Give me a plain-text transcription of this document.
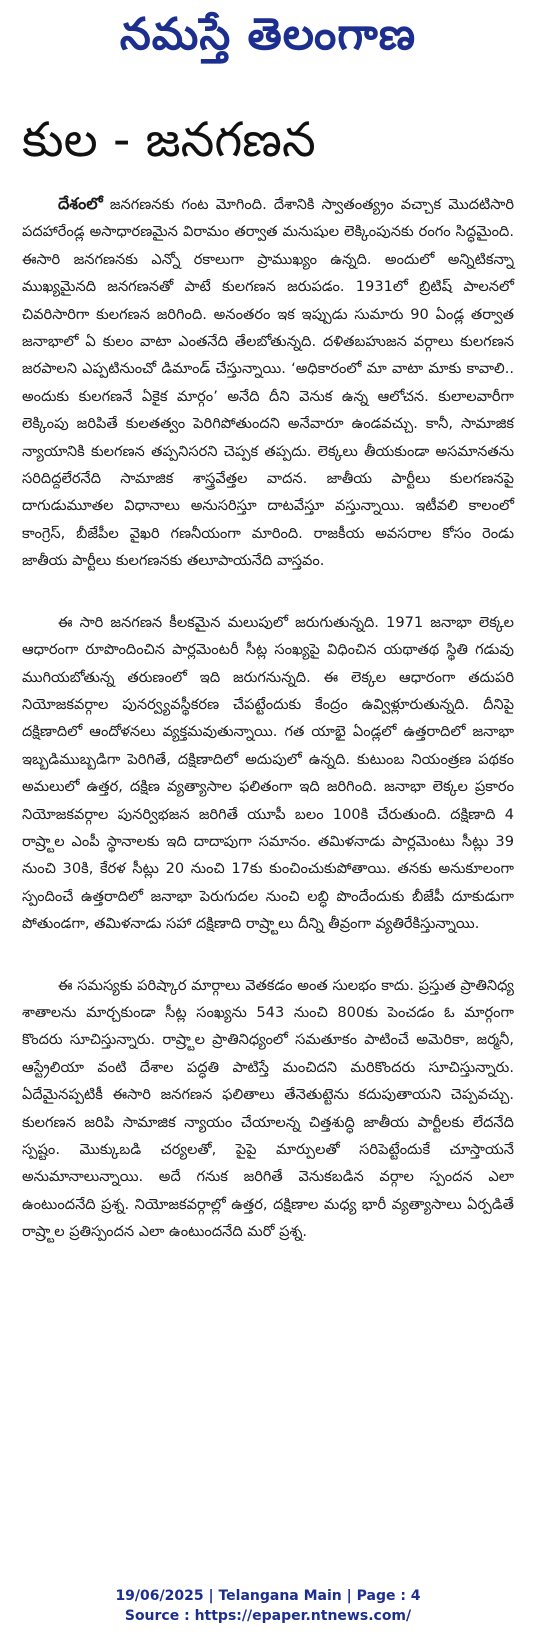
నమస్తే తెలంగాణ
కుల - జనగణన

దేశంలో జనగణనకు గంట మోగింది. దేశానికి స్వాతంత్య్రం వచ్చాక మొదటిసారి పదహారేండ్ల అసాధారణమైన విరామం తర్వాత మనుషుల లెక్కింపునకు రంగం సిద్ధమైంది. ఈసారి జనగణనకు ఎన్నో రకాలుగా ప్రాముఖ్యం ఉన్నది. అందులో అన్నిటికన్నా ముఖ్యమైనది జనగణనతో పాటే కులగణన జరుపడం. 1931లో బ్రిటిష్ పాలనలో చివరిసారిగా కులగణన జరిగింది. అనంతరం ఇక ఇప్పుడు సుమారు 90 ఏండ్ల తర్వాత జనాభాలో ఏ కులం వాటా ఎంతనేది తేలబోతున్నది. దళితబహుజన వర్గాలు కులగణన జరపాలని ఎప్పటినుంచో డిమాండ్ చేస్తున్నాయి. ‘అధికారంలో మా వాటా మాకు కావాలి.. అందుకు కులగణనే ఏకైక మార్గం’ అనేది దీని వెనుక ఉన్న ఆలోచన. కులాలవారీగా లెక్కింపు జరిపితే కులతత్వం పెరిగిపోతుందని అనేవారూ ఉండవచ్చు. కానీ, సామాజిక న్యాయానికి కులగణన తప్పనిసరని చెప్పక తప్పదు. లెక్కలు తీయకుండా అసమానతను సరిదిద్దలేరనేది సామాజిక శాస్త్రవేత్తల వాదన. జాతీయ పార్టీలు కులగణనపై దాగుడుమూతల విధానాలు అనుసరిస్తూ దాటవేస్తూ వస్తున్నాయి. ఇటీవలి కాలంలో కాంగ్రెస్, బీజేపీల వైఖరి గణనీయంగా మారింది. రాజకీయ అవసరాల కోసం రెండు జాతీయ పార్టీలు కులగణనకు తలూపాయనేది వాస్తవం.

ఈ సారి జనగణన కీలకమైన మలుపులో జరుగుతున్నది. 1971 జనాభా లెక్కల ఆధారంగా రూపొందించిన పార్లమెంటరీ సీట్ల సంఖ్యపై విధించిన యథాతథ స్థితి గడువు ముగియబోతున్న తరుణంలో ఇది జరుగనున్నది. ఈ లెక్కల ఆధారంగా తదుపరి నియోజకవర్గాల పునర్వ్యవస్థీకరణ చేపట్టేందుకు కేంద్రం ఉవ్విళ్లూరుతున్నది. దీనిపై దక్షిణాదిలో ఆందోళనలు వ్యక్తమవుతున్నాయి. గత యాభై ఏండ్లలో ఉత్తరాదిలో జనాభా ఇబ్బడిముబ్బడిగా పెరిగితే, దక్షిణాదిలో అదుపులో ఉన్నది. కుటుంబ నియంత్రణ పథకం అమలులో ఉత్తర, దక్షిణ వ్యత్యాసాల ఫలితంగా ఇది జరిగింది. జనాభా లెక్కల ప్రకారం నియోజకవర్గాల పునర్విభజన జరిగితే యూపీ బలం 100కి చేరుతుంది. దక్షిణాది 4 రాష్ర్టాల ఎంపీ స్థానాలకు ఇది దాదాపుగా సమానం. తమిళనాడు పార్లమెంటు సీట్లు 39 నుంచి 30కి, కేరళ సీట్లు 20 నుంచి 17కు కుంచించుకుపోతాయి. తనకు అనుకూలంగా స్పందించే ఉత్తరాదిలో జనాభా పెరుగుదల నుంచి లబ్ధి పొందేందుకు బీజేపీ దూకుడుగా పోతుండగా, తమిళనాడు సహా దక్షిణాది రాష్ర్టాలు దీన్ని తీవ్రంగా వ్యతిరేకిస్తున్నాయి.

ఈ సమస్యకు పరిష్కార మార్గాలు వెతకడం అంత సులభం కాదు. ప్రస్తుత ప్రాతినిధ్య శాతాలను మార్చకుండా సీట్ల సంఖ్యను 543 నుంచి 800కు పెంచడం ఓ మార్గంగా కొందరు సూచిస్తున్నారు. రాష్ర్టాల ప్రాతినిధ్యంలో సమతూకం పాటించే అమెరికా, జర్మనీ, ఆస్ట్రేలియా వంటి దేశాల పద్ధతి పాటిస్తే మంచిదని మరికొందరు సూచిస్తున్నారు. ఏదేమైనప్పటికీ ఈసారి జనగణన ఫలితాలు తేనెతుట్టెను కదుపుతాయని చెప్పవచ్చు. కులగణన జరిపి సామాజిక న్యాయం చేయాలన్న చిత్తశుద్ధి జాతీయ పార్టీలకు లేదనేది స్పష్టం. మొక్కుబడి చర్యలతో, పైపై మార్పులతో సరిపెట్టేందుకే చూస్తాయనే అనుమానాలున్నాయి. అదే గనుక జరిగితే వెనుకబడిన వర్గాల స్పందన ఎలా ఉంటుందనేది ప్రశ్న. నియోజకవర్గాల్లో ఉత్తర, దక్షిణాల మధ్య భారీ వ్యత్యాసాలు ఏర్పడితే రాష్ర్టాల ప్రతిస్పందన ఎలా ఉంటుందనేది మరో ప్రశ్న.

19/06/2025 | Telangana Main | Page : 4
Source : https://epaper.ntnews.com/
